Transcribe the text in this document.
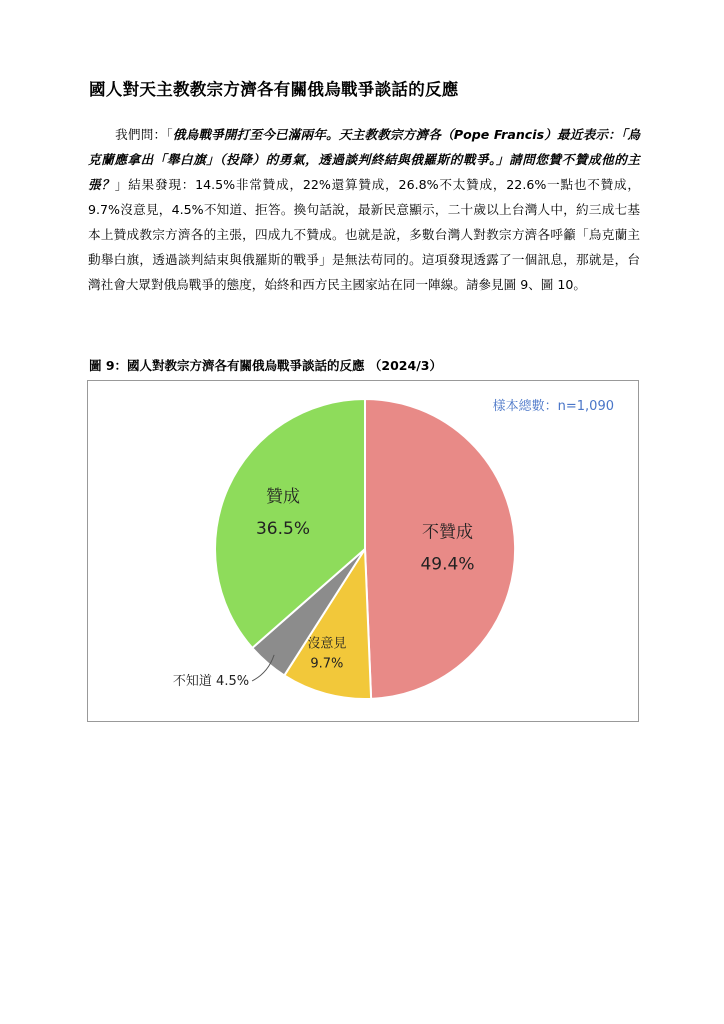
國人對天主教教宗方濟各有關俄烏戰爭談話的反應
我們問：「俄烏戰爭開打至今已滿兩年。天主教教宗方濟各（Pope Francis）最近表示：「烏克蘭應拿出「舉白旗」（投降）的勇氣，透過談判終結與俄羅斯的戰爭。」請問您贊不贊成他的主張？」結果發現：14.5%非常贊成，22%還算贊成，26.8%不太贊成，22.6%一點也不贊成，9.7%沒意見，4.5%不知道、拒答。換句話說，最新民意顯示，二十歲以上台灣人中，約三成七基本上贊成教宗方濟各的主張，四成九不贊成。也就是說，多數台灣人對教宗方濟各呼籲「烏克蘭主動舉白旗，透過談判結束與俄羅斯的戰爭」是無法苟同的。這項發現透露了一個訊息，那就是，台灣社會大眾對俄烏戰爭的態度，始終和西方民主國家站在同一陣線。請參見圖 9、圖 10。
圖 9：國人對教宗方濟各有關俄烏戰爭談話的反應 （2024/3）
不贊成
49.4%
沒意見
9.7%
不知道 4.5%
贊成
36.5%
樣本總數：n=1,090
